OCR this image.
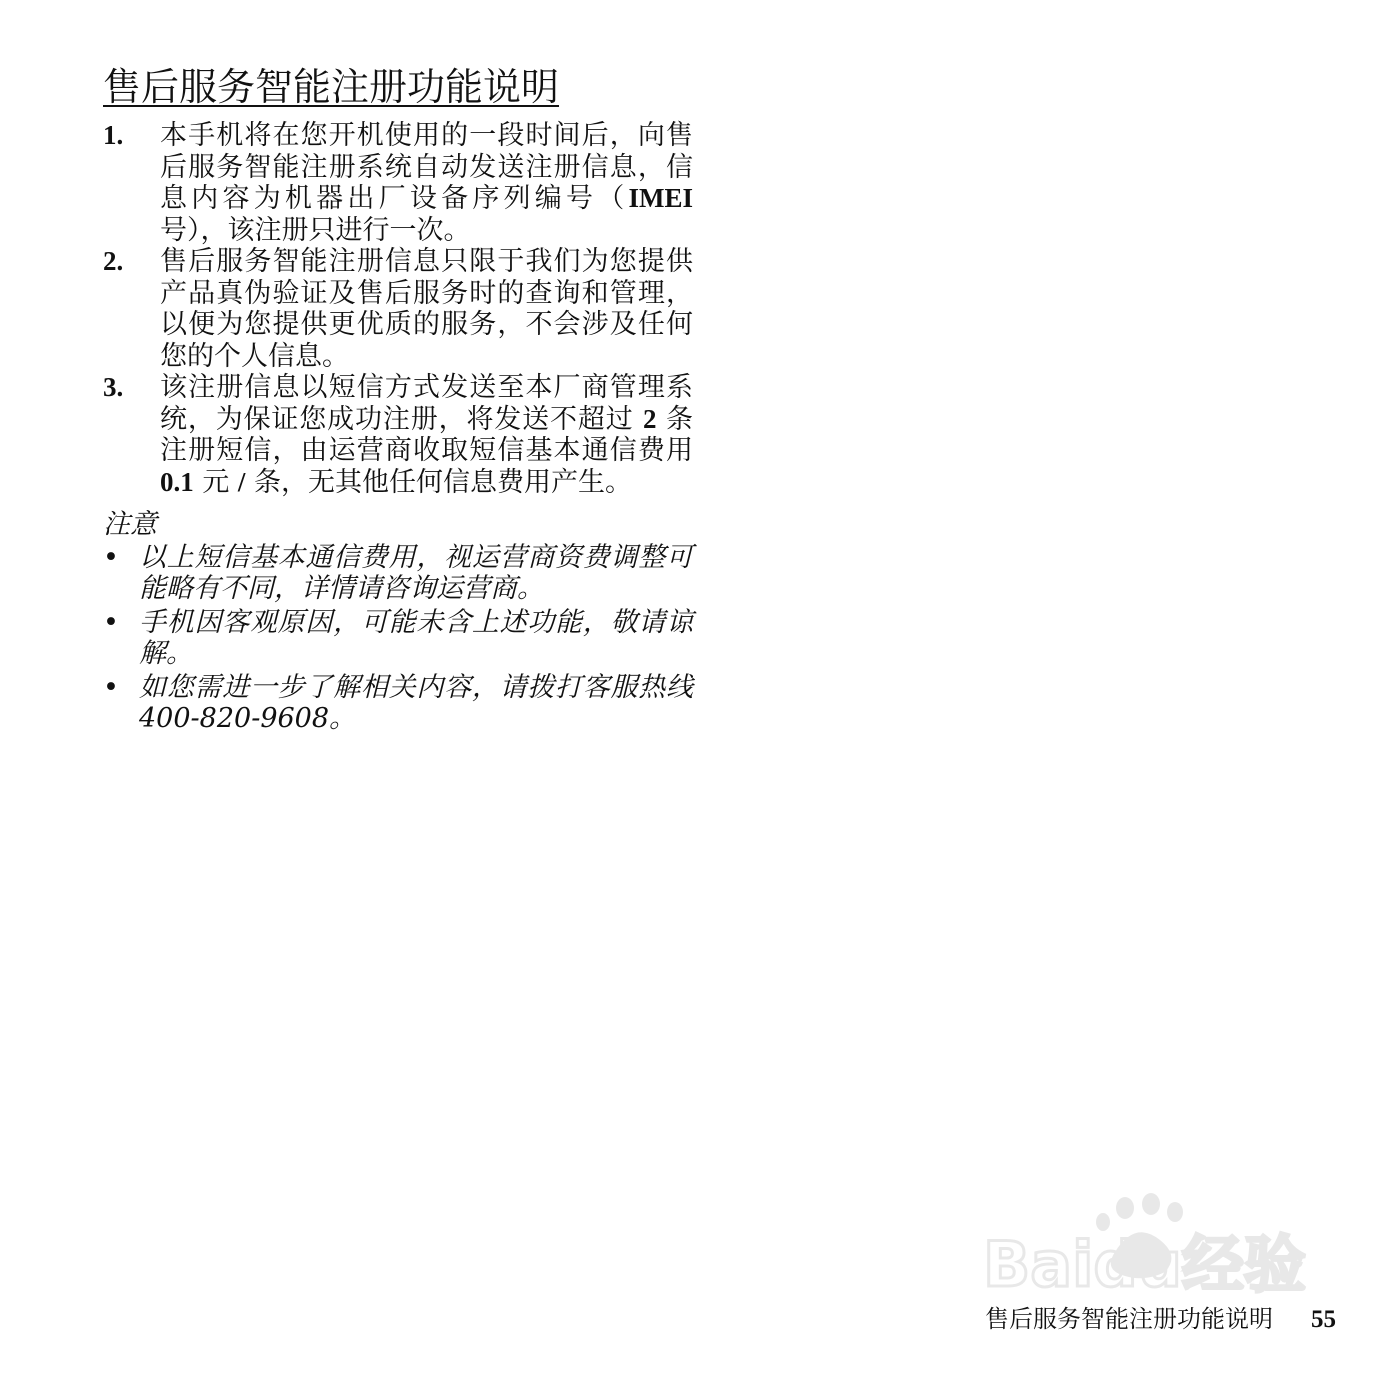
售后服务智能注册功能说明
1.	本手机将在您开机使用的一段时间后，向售后服务智能注册系统自动发送注册信息，信息内容为机器出厂设备序列编号（IMEI号），该注册只进行一次。
2.	售后服务智能注册信息只限于我们为您提供产品真伪验证及售后服务时的查询和管理，以便为您提供更优质的服务，不会涉及任何您的个人信息。
3.	该注册信息以短信方式发送至本厂商管理系统，为保证您成功注册，将发送不超过 2 条注册短信，由运营商收取短信基本通信费用 0.1 元 / 条，无其他任何信息费用产生。
注意
• 以上短信基本通信费用，视运营商资费调整可能略有不同，详情请咨询运营商。
• 手机因客观原因，可能未含上述功能，敬请谅解。
• 如您需进一步了解相关内容，请拨打客服热线 400-820-9608。
Baidu经验
售后服务智能注册功能说明 55
